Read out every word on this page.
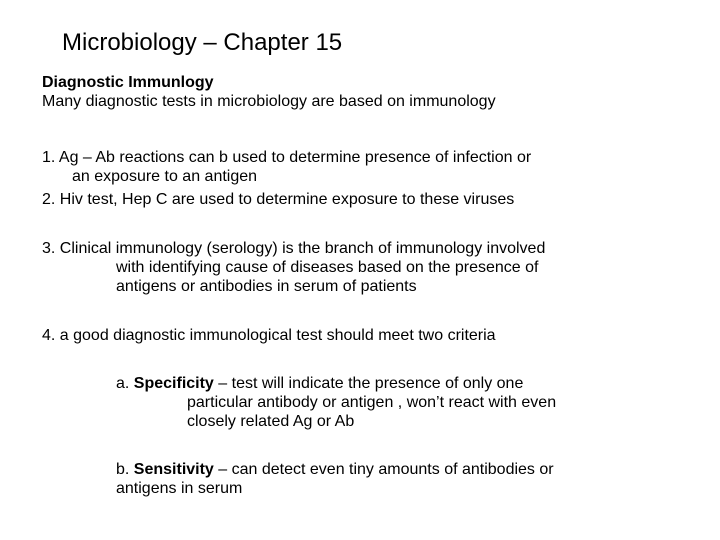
Microbiology – Chapter 15
Diagnostic Immunlogy
Many diagnostic tests in microbiology are based on immunology
1. Ag – Ab reactions can b used to determine presence of infection or
an exposure to an antigen
2. Hiv test, Hep C are used to determine exposure to these viruses
3. Clinical immunology (serology) is the branch of immunology involved
with identifying cause of diseases based on the presence of
antigens or antibodies in serum of patients
4. a good diagnostic immunological test should meet two criteria
a. Specificity – test will indicate the presence of only one
particular antibody or antigen , won’t react with even
closely related Ag or Ab
b. Sensitivity – can detect even tiny amounts of antibodies or
antigens in serum
